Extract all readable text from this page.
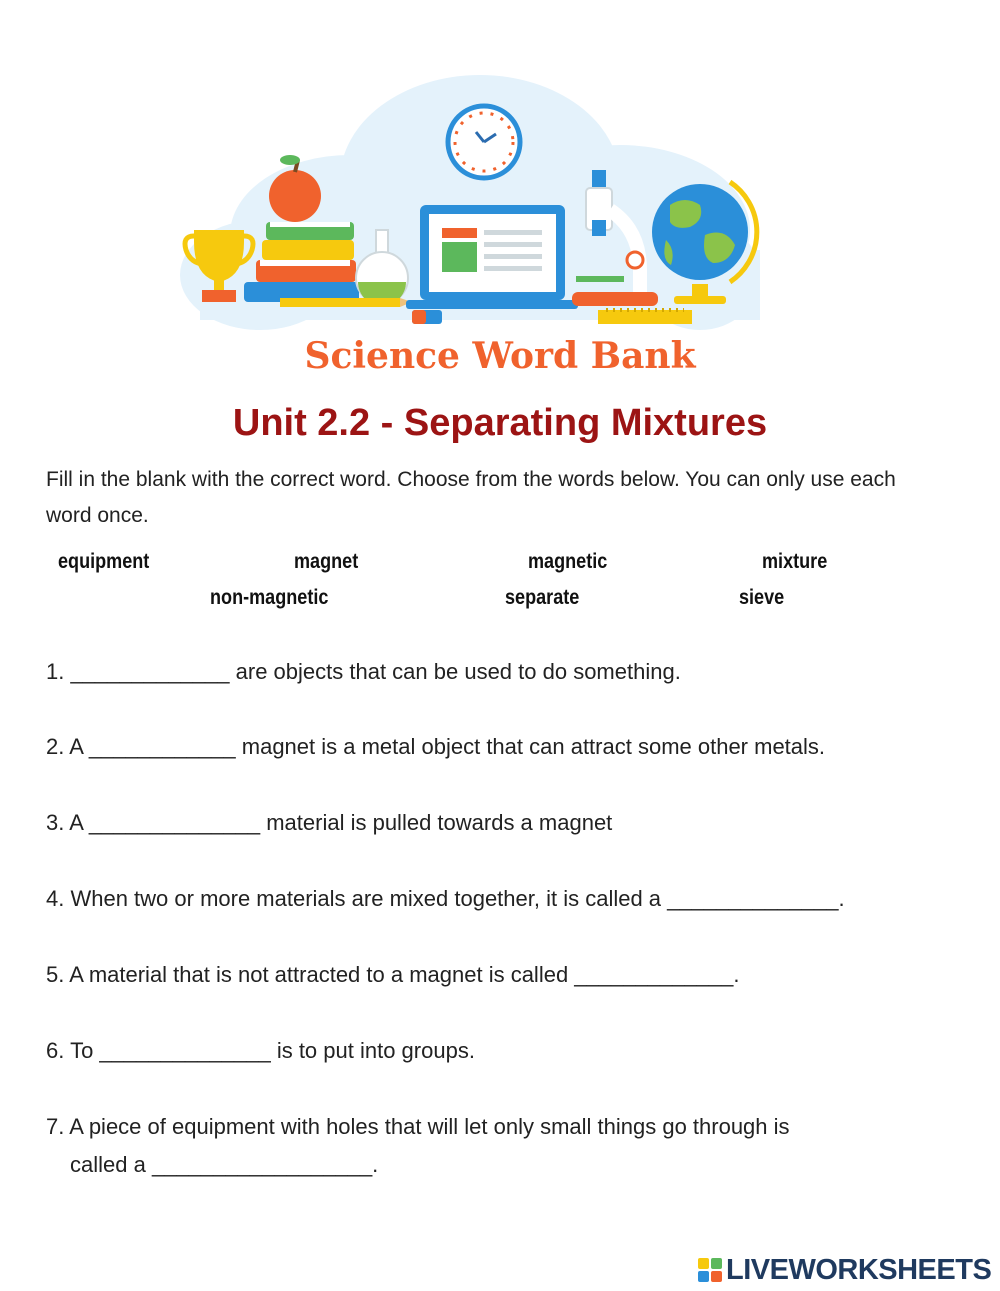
Science Word Bank
Unit 2.2 - Separating Mixtures
Fill in the blank with the correct word. Choose from the words below. You can only use each word once.
equipment	magnet	magnetic	mixture
non-magnetic	separate	sieve
1. _____________ are objects that can be used to do something.
2. A ____________ magnet is a metal object that can attract some other metals.
3. A ______________ material is pulled towards a magnet
4. When two or more materials are mixed together, it is called a ______________.
5. A material that is not attracted to a magnet is called _____________.
6. To ______________ is to put into groups.
7. A piece of equipment with holes that will let only small things go through is
called a __________________.
LIVEWORKSHEETS
